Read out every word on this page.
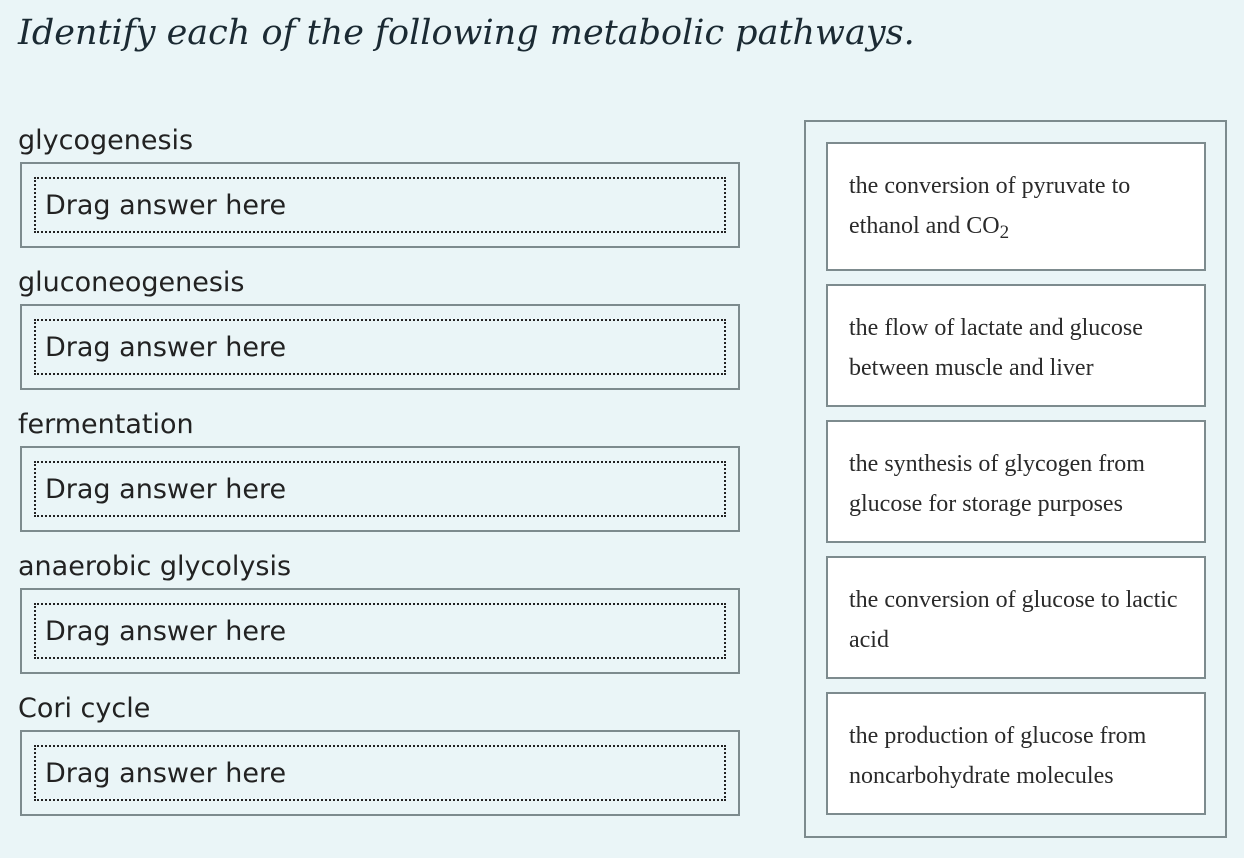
Identify each of the following metabolic pathways.
glycogenesis
Drag answer here
gluconeogenesis
Drag answer here
fermentation
Drag answer here
anaerobic glycolysis
Drag answer here
Cori cycle
Drag answer here
the conversion of pyruvate to ethanol and $CO_2$
the flow of lactate and glucose between muscle and liver
the synthesis of glycogen from glucose for storage purposes
the conversion of glucose to lactic acid
the production of glucose from noncarbohydrate molecules
